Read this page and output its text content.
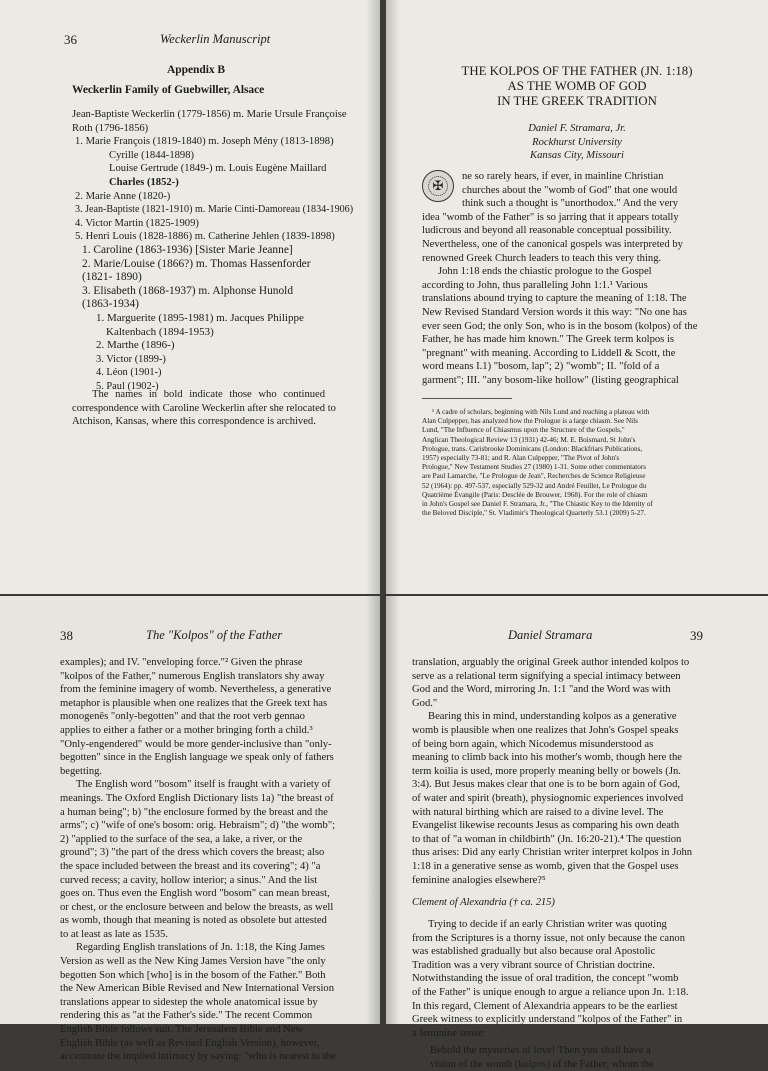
36	Weckerlin Manuscript
Appendix B
Weckerlin Family of Guebwiller, Alsace
Jean-Baptiste Weckerlin (1779-1856) m. Marie Ursule Françoise
Roth (1796-1856)
1. Marie François (1819-1840) m. Joseph Mény (1813-1898)
Cyrille (1844-1898)
Louise Gertrude (1849-) m. Louis Eugène Maillard
Charles (1852-)
2. Marie Anne (1820-)
3. Jean-Baptiste (1821-1910) m. Marie Cinti-Damoreau (1834-1906)
4. Victor Martin (1825-1909)
5. Henri Louis (1828-1886) m. Catherine Jehlen (1839-1898)
1. Caroline (1863-1936) [Sister Marie Jeanne]
2. Marie/Louise (1866?) m. Thomas Hassenforder
(1821- 1890)
3. Elisabeth (1868-1937) m. Alphonse Hunold
(1863-1934)
1. Marguerite (1895-1981) m. Jacques Philippe
Kaltenbach (1894-1953)
2. Marthe (1896-)
3. Victor (1899-)
4. Léon (1901-)
5. Paul (1902-)
The names in bold indicate those who continued
correspondence with Caroline Weckerlin after she relocated to
Atchison, Kansas, where this correspondence is archived.
THE KOLPOS OF THE FATHER (JN. 1:18)
AS THE WOMB OF GOD
IN THE GREEK TRADITION
Daniel F. Stramara, Jr.
Rockhurst University
Kansas City, Missouri
✠
ne so rarely hears, if ever, in mainline Christian
churches about the "womb of God" that one would
think such a thought is "unorthodox." And the very
idea "womb of the Father" is so jarring that it appears totally
ludicrous and beyond all reasonable conceptual possibility.
Nevertheless, one of the canonical gospels was interpreted by
renowned Greek Church leaders to teach this very thing.
John 1:18 ends the chiastic prologue to the Gospel
according to John, thus paralleling John 1:1.¹ Various
translations abound trying to capture the meaning of 1:18. The
New Revised Standard Version words it this way: "No one has
ever seen God; the only Son, who is in the bosom (kolpos) of the
Father, he has made him known." The Greek term kolpos is
"pregnant" with meaning. According to Liddell & Scott, the
word means I.1) "bosom, lap"; 2) "womb"; II. "fold of a
garment"; III. "any bosom-like hollow" (listing geographical
¹ A cadre of scholars, beginning with Nils Lund and reaching a plateau with
Alan Culpepper, has analyzed how the Prologue is a large chiasm. See Nils
Lund, "The Influence of Chiasmus upon the Structure of the Gospels,"
Anglican Theological Review 13 (1931) 42-46; M. E. Boismard, St John's
Prologue, trans. Carisbrooke Dominicans (London: Blackfriars Publications,
1957) especially 73-81; and R. Alan Culpepper, "The Pivot of John's
Prologue," New Testament Studies 27 (1980) 1-31. Some other commentators
are Paul Lamarche, "Le Prologue de Jean", Recherches de Science Religieuse
52 (1964): pp. 497-537, especially 529-32 and André Feuillet, Le Prologue du
Quatrième Évangile (Paris: Desclée de Brouwer, 1968). For the role of chiasm
in John's Gospel see Daniel F. Stramara, Jr., "The Chiastic Key to the Identity of
the Beloved Disciple," St. Vladimir's Theological Quarterly 53.1 (2009) 5-27.
38	The "Kolpos" of the Father
examples); and IV. "enveloping force."² Given the phrase
"kolpos of the Father," numerous English translators shy away
from the feminine imagery of womb. Nevertheless, a generative
metaphor is plausible when one realizes that the Greek text has
monogenēs "only-begotten" and that the root verb gennao
applies to either a father or a mother bringing forth a child.³
"Only-engendered" would be more gender-inclusive than "only-
begotten" since in the English language we speak only of fathers
begetting.
The English word "bosom" itself is fraught with a variety of
meanings. The Oxford English Dictionary lists 1a) "the breast of
a human being"; b) "the enclosure formed by the breast and the
arms"; c) "wife of one's bosom: orig. Hebraism"; d) "the womb";
2) "applied to the surface of the sea, a lake, a river, or the
ground"; 3) "the part of the dress which covers the breast; also
the space included between the breast and its covering"; 4) "a
curved recess; a cavity, hollow interior; a sinus." And the list
goes on. Thus even the English word "bosom" can mean breast,
or chest, or the enclosure between and below the breasts, as well
as womb, though that meaning is noted as obsolete but attested
to at least as late as 1535.
Regarding English translations of Jn. 1:18, the King James
Version as well as the New King James Version have "the only
begotten Son which [who] is in the bosom of the Father." Both
the New American Bible Revised and New International Version
translations appear to sidestep the whole anatomical issue by
rendering this as "at the Father's side." The recent Common
English Bible follows suit. The Jerusalem Bible and New
English Bible (as well as Revised English Version), however,
accentuate the implied intimacy by saying: "who is nearest to the
Daniel Stramara	39
translation, arguably the original Greek author intended kolpos to
serve as a relational term signifying a special intimacy between
God and the Word, mirroring Jn. 1:1 "and the Word was with
God."
Bearing this in mind, understanding kolpos as a generative
womb is plausible when one realizes that John's Gospel speaks
of being born again, which Nicodemus misunderstood as
meaning to climb back into his mother's womb, though here the
term koilia is used, more properly meaning belly or bowels (Jn.
3:4). But Jesus makes clear that one is to be born again of God,
of water and spirit (breath), physiognomic experiences involved
with natural birthing which are raised to a divine level. The
Evangelist likewise recounts Jesus as comparing his own death
to that of "a woman in childbirth" (Jn. 16:20-21).⁴ The question
thus arises: Did any early Christian writer interpret kolpos in John
1:18 in a generative sense as womb, given that the Gospel uses
feminine analogies elsewhere?⁵
Clement of Alexandria († ca. 215)
Trying to decide if an early Christian writer was quoting
from the Scriptures is a thorny issue, not only because the canon
was established gradually but also because oral Apostolic
Tradition was a very vibrant source of Christian doctrine.
Notwithstanding the issue of oral tradition, the concept "womb
of the Father" is unique enough to argue a reliance upon Jn. 1:18.
In this regard, Clement of Alexandria appears to be the earliest
Greek witness to explicitly understand "kolpos of the Father" in
a feminine sense:
Behold the mysteries of love! Then you shall have a
vision of the womb (kolpos) of the Father, whom the
